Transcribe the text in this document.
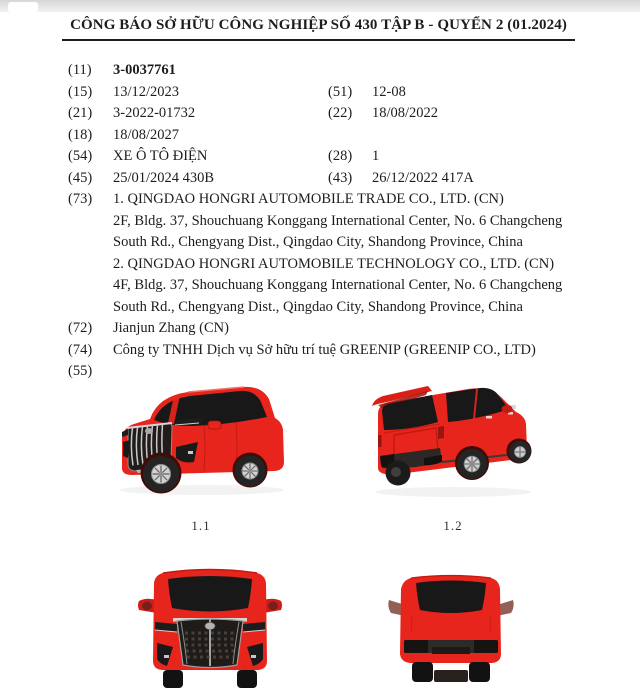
CÔNG BÁO SỞ HỮU CÔNG NGHIỆP SỐ 430 TẬP B - QUYỂN 2 (01.2024)
(11)	3-0037761
(15)	13/12/2023	(51)	12-08
(21)	3-2022-01732	(22)	18/08/2022
(18)	18/08/2027
(54)	XE Ô TÔ ĐIỆN	(28)	1
(45)	25/01/2024 430B	(43)	26/12/2022 417A
(73)	1. QINGDAO HONGRI AUTOMOBILE TRADE CO., LTD. (CN)
2F, Bldg. 37, Shouchuang Konggang International Center, No. 6 Changcheng South Rd., Chengyang Dist., Qingdao City, Shandong Province, China
2. QINGDAO HONGRI AUTOMOBILE TECHNOLOGY CO., LTD. (CN)
4F, Bldg. 37, Shouchuang Konggang International Center, No. 6 Changcheng South Rd., Chengyang Dist., Qingdao City, Shandong Province, China
(72)	Jianjun Zhang (CN)
(74)	Công ty TNHH Dịch vụ Sở hữu trí tuệ GREENIP (GREENIP CO., LTD)
(55)
1.1	1.2
